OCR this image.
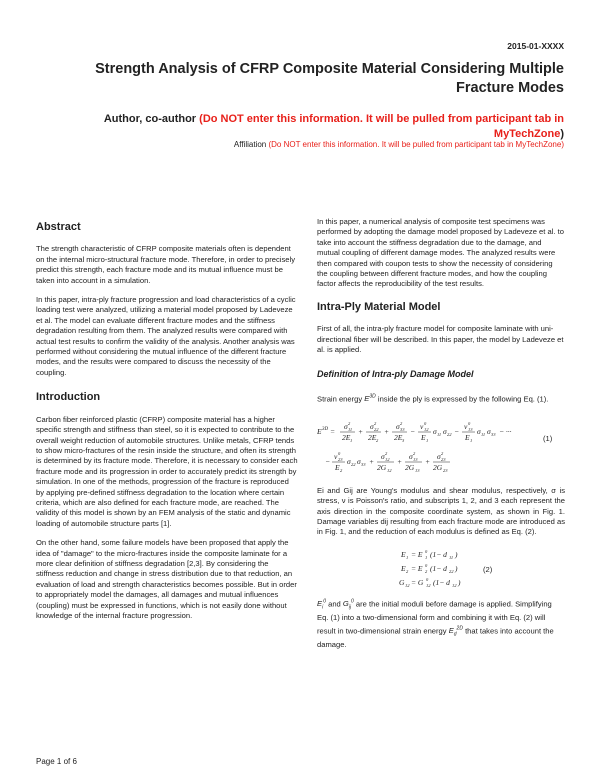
2015-01-XXXX
Strength Analysis of CFRP Composite Material Considering Multiple Fracture Modes
Author, co-author (Do NOT enter this information. It will be pulled from participant tab in MyTechZone)
Affiliation (Do NOT enter this information. It will be pulled from participant tab in MyTechZone)
Abstract

The strength characteristic of CFRP composite materials often is dependent on the internal micro-structural fracture mode. Therefore, in order to precisely predict this strength, each fracture mode and its mutual influence must be taken into account in a simulation.

In this paper, intra-ply fracture progression and load characteristics of a cyclic loading test were analyzed, utilizing a material model proposed by Ladeveze et al. The model can evaluate different fracture modes and the stiffness degradation resulting from them. The analyzed results were compared with actual test results to confirm the validity of the analysis. Another analysis was performed without considering the mutual influence of the different fracture modes, and the results were compared to discuss the necessity of the coupling.

Introduction

Carbon fiber reinforced plastic (CFRP) composite material has a higher specific strength and stiffness than steel, so it is expected to contribute to the overall weight reduction of automobile structures. Unlike metals, CFRP tends to show micro-fractures of the resin inside the structure, and often its strength is determined by its fracture mode. Therefore, it is necessary to consider each fracture mode and its progression in order to accurately predict its strength by simulation. In one of the methods, progression of the fracture is reproduced by applying pre-defined stiffness degradation to the location where certain criteria, which are also defined for each fracture mode, are reached. The validity of this model is shown by an FEM analysis of the static and dynamic loading of automobile structure parts [1].

On the other hand, some failure models have been proposed that apply the idea of "damage" to the micro-fractures inside the composite laminate for a more clear definition of stiffness degradation [2,3]. By considering the stiffness reduction and change in stress distribution due to that reduction, an evaluation of load and strength characteristics becomes possible. But in order to appropriately model the damages, all damages and mutual influences (coupling) must be expressed in functions, which is not easily done without knowledge of the internal fracture progression.

In this paper, a numerical analysis of composite test specimens was performed by adopting the damage model proposed by Ladeveze et al. to take into account the stiffness degradation due to the damage, and mutual coupling of different damage modes. The analyzed results were then compared with coupon tests to show the necessity of considering the coupling between different fracture modes, and how the coupling factor affects the reproducibility of the test results.

Intra-Ply Material Model

First of all, the intra-ply fracture model for composite laminate with uni-directional fiber will be described. In this paper, the model by Ladeveze et al. is applied.

Definition of Intra-ply Damage Model

Strain energy $E^{3D}$ inside the ply is expressed by the following Eq. (1).

E 3D =
σ 11
2
2E 1
+
σ 22
2
2E 2
+
σ 33
2
2E 3
−
ν 12
0
E 1
σ 11 σ 22 −
ν 13
0
E 1
σ 11 σ 33 − ···
−
ν 23
0
E 2
σ 22 σ 33 +
σ 12
2
2G 12
+
σ 13
2
2G 13
+
σ 23
2
2G 23
(1)

Ei and Gij are Young's modulus and shear modulus, respectively, σ is stress, ν is Poisson's ratio, and subscripts 1, 2, and 3 each represent the axis direction in the composite coordinate system, as shown in Fig. 1. Damage variables dij resulting from each fracture mode are introduced as in Fig. 1, and the reduction of each modulus is defined as Eq. (2).

E 1 = E 1
0 (1− d 11 )
E 2 = E 2
0 (1− d 22 )
G 12 = G 12
0 (1− d 12 )
(2)

$E_i^0$ and $G_{ij}^0$ are the initial moduli before damage is applied. Simplifying Eq. (1) into a two-dimensional form and combining it with Eq. (2) will result in two-dimensional strain energy $E_d^{2D}$ that takes into account the damage.

Page 1 of 6
